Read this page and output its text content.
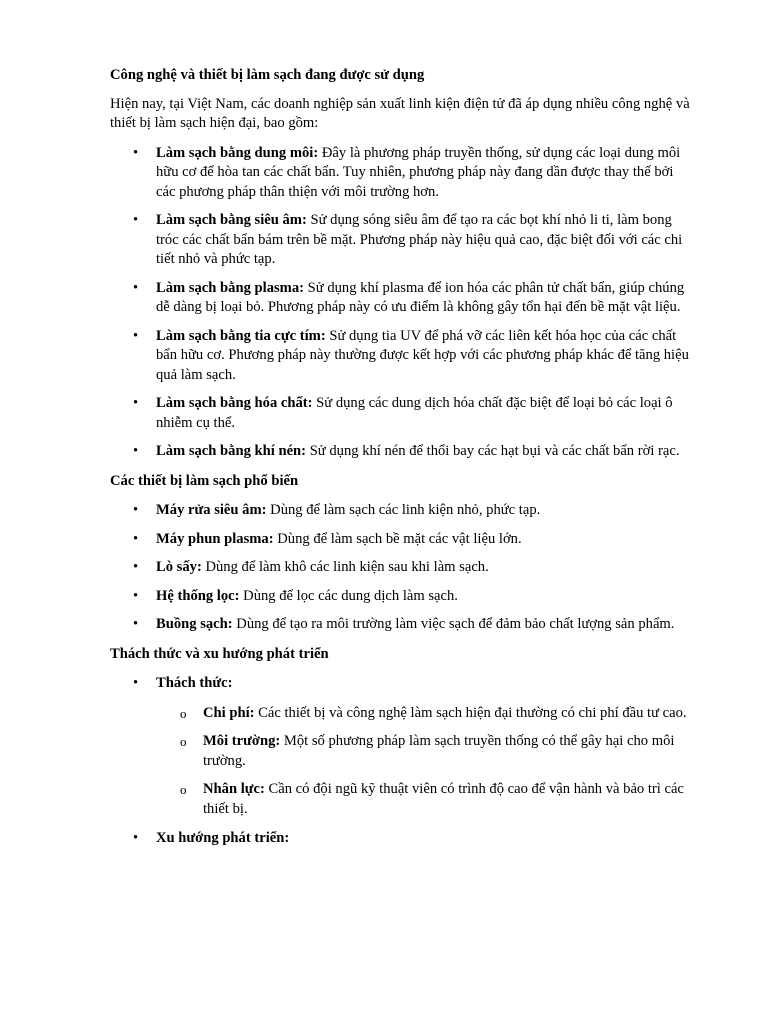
Công nghệ và thiết bị làm sạch đang được sử dụng

Hiện nay, tại Việt Nam, các doanh nghiệp sản xuất linh kiện điện tử đã áp dụng nhiều công nghệ và thiết bị làm sạch hiện đại, bao gồm:

• Làm sạch bằng dung môi: Đây là phương pháp truyền thống, sử dụng các loại dung môi hữu cơ để hòa tan các chất bẩn. Tuy nhiên, phương pháp này đang dần được thay thế bởi các phương pháp thân thiện với môi trường hơn.
• Làm sạch bằng siêu âm: Sử dụng sóng siêu âm để tạo ra các bọt khí nhỏ li ti, làm bong tróc các chất bẩn bám trên bề mặt. Phương pháp này hiệu quả cao, đặc biệt đối với các chi tiết nhỏ và phức tạp.
• Làm sạch bằng plasma: Sử dụng khí plasma để ion hóa các phân tử chất bẩn, giúp chúng dễ dàng bị loại bỏ. Phương pháp này có ưu điểm là không gây tổn hại đến bề mặt vật liệu.
• Làm sạch bằng tia cực tím: Sử dụng tia UV để phá vỡ các liên kết hóa học của các chất bẩn hữu cơ. Phương pháp này thường được kết hợp với các phương pháp khác để tăng hiệu quả làm sạch.
• Làm sạch bằng hóa chất: Sử dụng các dung dịch hóa chất đặc biệt để loại bỏ các loại ô nhiễm cụ thể.
• Làm sạch bằng khí nén: Sử dụng khí nén để thổi bay các hạt bụi và các chất bẩn rời rạc.

Các thiết bị làm sạch phổ biến

• Máy rửa siêu âm: Dùng để làm sạch các linh kiện nhỏ, phức tạp.
• Máy phun plasma: Dùng để làm sạch bề mặt các vật liệu lớn.
• Lò sấy: Dùng để làm khô các linh kiện sau khi làm sạch.
• Hệ thống lọc: Dùng để lọc các dung dịch làm sạch.
• Buồng sạch: Dùng để tạo ra môi trường làm việc sạch để đảm bảo chất lượng sản phẩm.

Thách thức và xu hướng phát triển

• Thách thức:
o Chi phí: Các thiết bị và công nghệ làm sạch hiện đại thường có chi phí đầu tư cao.
o Môi trường: Một số phương pháp làm sạch truyền thống có thể gây hại cho môi trường.
o Nhân lực: Cần có đội ngũ kỹ thuật viên có trình độ cao để vận hành và bảo trì các thiết bị.
• Xu hướng phát triển:
